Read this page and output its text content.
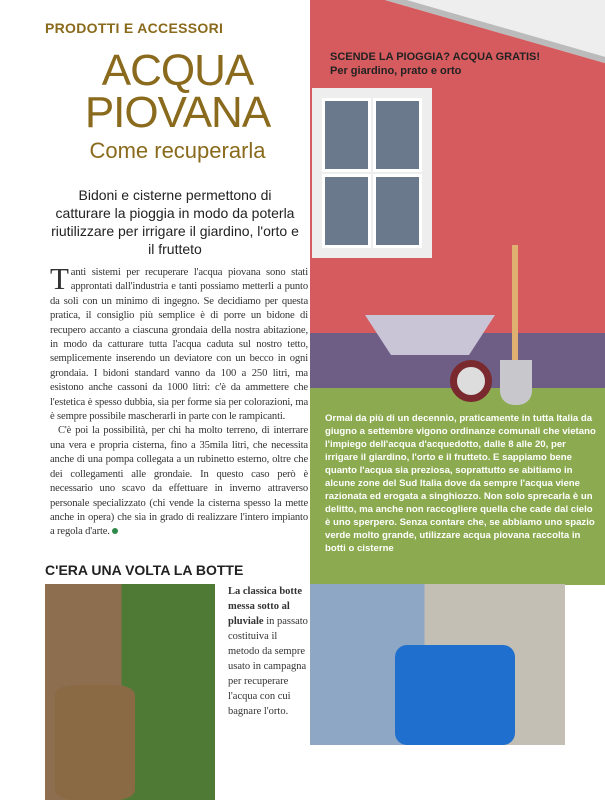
PRODOTTI E ACCESSORI
ACQUA
PIOVANA
Come recuperarla
Bidoni e cisterne permettono di catturare la pioggia in modo da poterla riutilizzare per irrigare il giardino, l'orto e il frutteto

Tanti sistemi per recuperare l'acqua piovana sono stati approntati dall'industria e tanti possiamo metterli a punto da soli con un minimo di ingegno. Se decidiamo per questa pratica, il consiglio più semplice è di porre un bidone di recupero accanto a ciascuna grondaia della nostra abitazione, in modo da catturare tutta l'acqua caduta sul nostro tetto, semplicemente inserendo un deviatore con un becco in ogni grondaia. I bidoni standard vanno da 100 a 250 litri, ma esistono anche cassoni da 1000 litri: c'è da ammettere che l'estetica è spesso dubbia, sia per forme sia per colorazioni, ma è sempre possibile mascherarli in parte con le rampicanti.

C'è poi la possibilità, per chi ha molto terreno, di interrare una vera e propria cisterna, fino a 35mila litri, che necessita anche di una pompa collegata a un rubinetto esterno, oltre che dei collegamenti alle grondaie. In questo caso però è necessario uno scavo da effettuare in inverno attraverso personale specializzato (chi vende la cisterna spesso la mette anche in opera) che sia in grado di realizzare l'intero impianto a regola d'arte.

SCENDE LA PIOGGIA? ACQUA GRATIS!
Per giardino, prato e orto
Ormai da più di un decennio, praticamente in tutta Italia da giugno a settembre vigono ordinanze comunali che vietano l'impiego dell'acqua d'acquedotto, dalle 8 alle 20, per irrigare il giardino, l'orto e il frutteto. E sappiamo bene quanto l'acqua sia preziosa, soprattutto se abitiamo in alcune zone del Sud Italia dove da sempre l'acqua viene razionata ed erogata a singhiozzo. Non solo sprecarla è un delitto, ma anche non raccogliere quella che cade dal cielo è uno sperpero. Senza contare che, se abbiamo uno spazio verde molto grande, utilizzare acqua piovana raccolta in botti o cisterne
C'ERA UNA VOLTA LA BOTTE
La classica botte messa sotto al pluviale in passato costituiva il metodo da sempre usato in campagna per recuperare l'acqua con cui bagnare l'orto.
